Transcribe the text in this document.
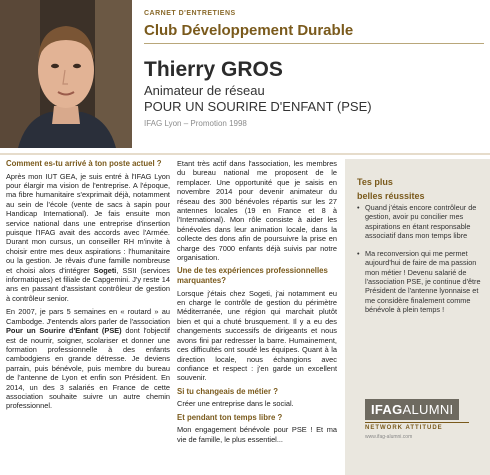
CARNET D'ENTRETIENS
Club Développement Durable
Thierry GROS
Animateur de réseau
POUR UN SOURIRE D'ENFANT (PSE)
IFAG Lyon – Promotion 1998
Comment es-tu arrivé à ton poste actuel ?
Après mon IUT GEA, je suis entré à l'IFAG Lyon pour élargir ma vision de l'entreprise. A l'époque, ma fibre humanitaire s'exprimait déjà, notamment au sein de l'école (vente de sacs à sapin pour Handicap International). Je fais ensuite mon service national dans une entreprise d'insertion puisque l'IFAG avait des accords avec l'Armée. Durant mon cursus, un conseiller RH m'invite à choisir entre mes deux aspirations : l'humanitaire ou la gestion. Je rêvais d'une famille nombreuse et choisi alors d'intégrer Sogeti, SSII (services informatiques) et filiale de Capgemini. J'y reste 14 ans en passant d'assistant contrôleur de gestion à contrôleur senior.
En 2007, je pars 5 semaines en « routard » au Cambodge. J'entends alors parler de l'association Pour un Sourire d'Enfant (PSE) dont l'objectif est de nourrir, soigner, scolariser et donner une formation professionnelle à des enfants cambodgiens en grande détresse. Je deviens parrain, puis bénévole, puis membre du bureau de l'antenne de Lyon et enfin son Président. En 2014, un des 3 salariés en France de cette association souhaite suivre un autre chemin professionnel.
Etant très actif dans l'association, les membres du bureau national me proposent de le remplacer. Une opportunité que je saisis en novembre 2014 pour devenir animateur du réseau des 300 bénévoles répartis sur les 27 antennes locales (19 en France et 8 à l'International). Mon rôle consiste à aider les bénévoles dans leur animation locale, dans la collecte des dons afin de poursuivre la prise en charge des 7000 enfants déjà suivis par notre organisation.
Une de tes expériences professionnelles marquantes?
Lorsque j'étais chez Sogeti, j'ai notamment eu en charge le contrôle de gestion du périmètre Méditerranée, une région qui marchait plutôt bien et qui a chuté brusquement. Il y a eu des changements successifs de dirigeants et nous avons fini par redresser la barre. Humainement, ces difficultés ont soudé les équipes. Quant à la direction locale, nous échangions avec confiance et respect : j'en garde un excellent souvenir.
Si tu changeais de métier ?
Créer une entreprise dans le social.
Et pendant ton temps libre ?
Mon engagement bénévole pour PSE ! Et ma vie de famille, le plus essentiel...
Tes plus
belles réussites
• Quand j'étais encore contrôleur de gestion, avoir pu concilier mes aspirations en étant responsable associatif dans mon temps libre
• Ma reconversion qui me permet aujourd'hui de faire de ma passion mon métier ! Devenu salarié de l'association PSE, je continue d'être Président de l'antenne lyonnaise et me considère finalement comme bénévole à plein temps !
IFAGALUMNI
NETWORK ATTITUDE
www.ifag-alumni.com
